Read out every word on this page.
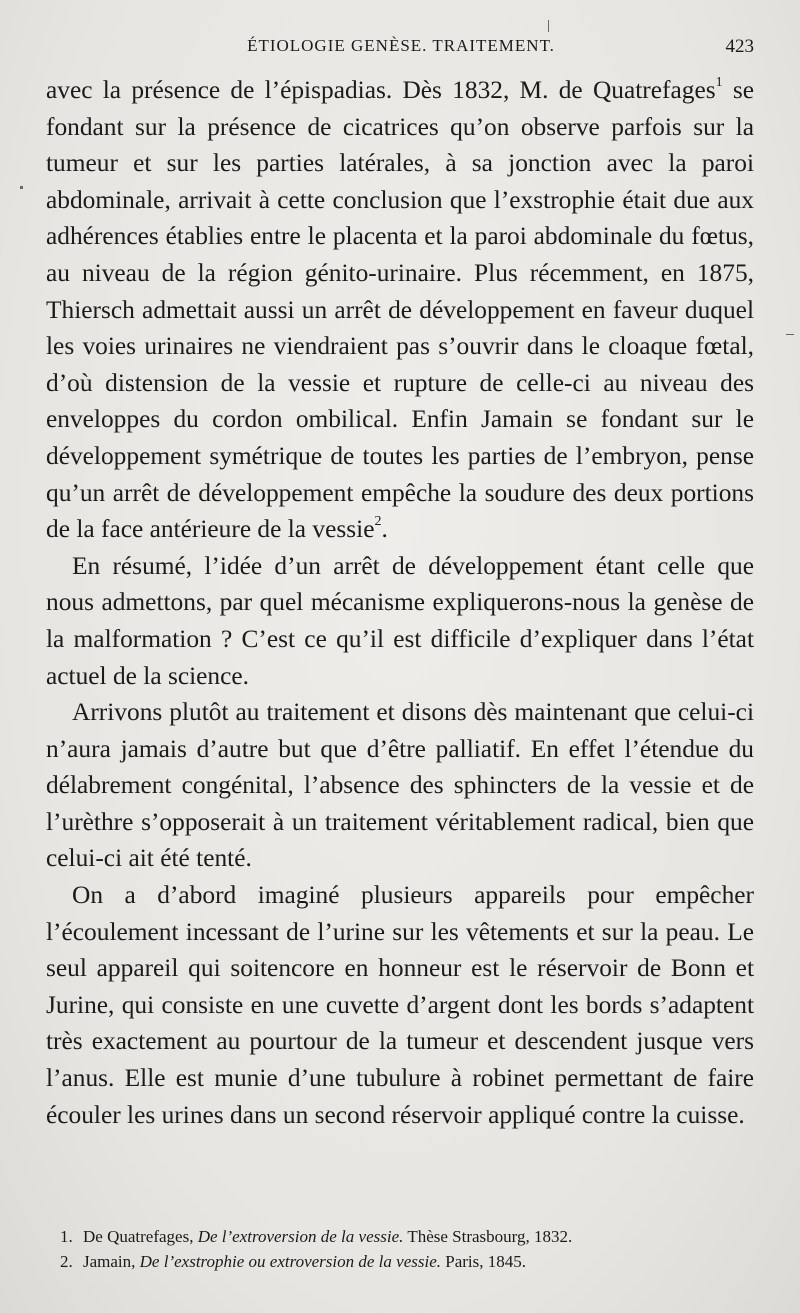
ÉTIOLOGIE GENÈSE. TRAITEMENT.	423

avec la présence de l’épispadias. Dès 1832, M. de Quatrefages$^1$ se fondant sur la présence de cicatrices qu’on observe parfois sur la tumeur et sur les parties latérales, à sa jonction avec la paroi abdominale, arrivait à cette conclusion que l’exstrophie était due aux adhérences établies entre le placenta et la paroi abdominale du fœtus, au niveau de la région génito-urinaire. Plus récemment, en 1875, Thiersch admettait aussi un arrêt de développement en faveur duquel les voies urinaires ne viendraient pas s’ouvrir dans le cloaque fœtal, d’où distension de la vessie et rupture de celle-ci au niveau des enveloppes du cordon ombilical. Enfin Jamain se fondant sur le développement symétrique de toutes les parties de l’embryon, pense qu’un arrêt de développement empêche la soudure des deux portions de la face antérieure de la vessie$^2$.

En résumé, l’idée d’un arrêt de développement étant celle que nous admettons, par quel mécanisme expliquerons-nous la genèse de la malformation ? C’est ce qu’il est difficile d’expliquer dans l’état actuel de la science.

Arrivons plutôt au traitement et disons dès maintenant que celui-ci n’aura jamais d’autre but que d’être palliatif. En effet l’étendue du délabrement congénital, l’absence des sphincters de la vessie et de l’urèthre s’opposerait à un traitement véritablement radical, bien que celui-ci ait été tenté.

On a d’abord imaginé plusieurs appareils pour empêcher l’écoulement incessant de l’urine sur les vêtements et sur la peau. Le seul appareil qui soitencore en honneur est le réservoir de Bonn et Jurine, qui consiste en une cuvette d’argent dont les bords s’adaptent très exactement au pourtour de la tumeur et descendent jusque vers l’anus. Elle est munie d’une tubulure à robinet permettant de faire écouler les urines dans un second réservoir appliqué contre la cuisse.

1. De Quatrefages, De l’extroversion de la vessie. Thèse Strasbourg, 1832.

2. Jamain, De l’exstrophie ou extroversion de la vessie. Paris, 1845.
